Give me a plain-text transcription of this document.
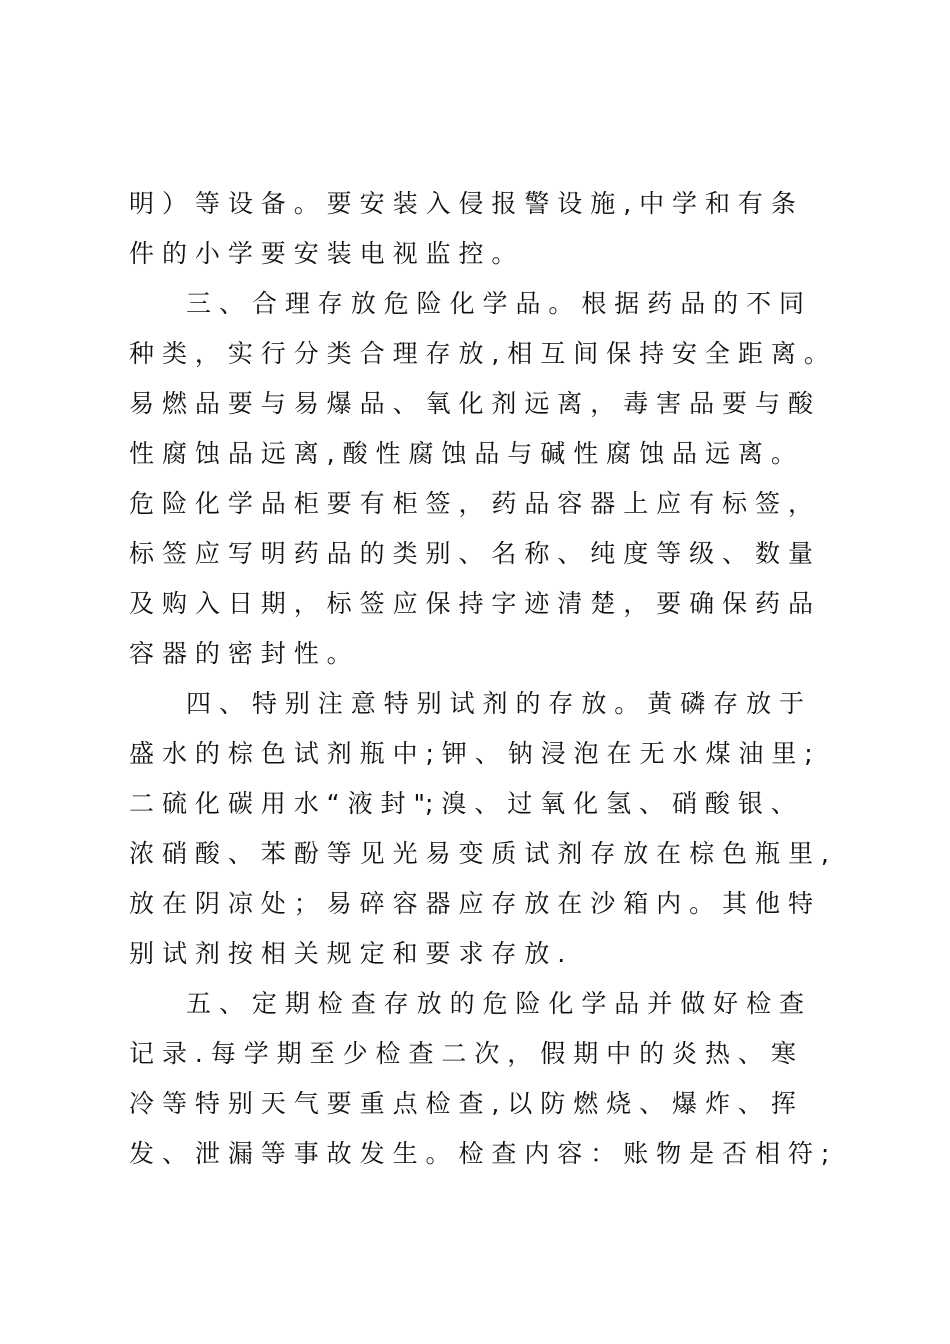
明 ） 等 设 备 。 要 安 装 入 侵 报 警 设 施 , 中 学 和 有 条
件 的 小 学 要 安 装 电 视 监 控 。
三 、 合 理 存 放 危 险 化 学 品 。 根 据 药 品 的 不 同
种 类 ， 实 行 分 类 合 理 存 放 , 相 互 间 保 持 安 全 距 离 。
易 燃 品 要 与 易 爆 品 、 氧 化 剂 远 离 ， 毒 害 品 要 与 酸
性 腐 蚀 品 远 离 , 酸 性 腐 蚀 品 与 碱 性 腐 蚀 品 远 离 。
危 险 化 学 品 柜 要 有 柜 签 ， 药 品 容 器 上 应 有 标 签 ，
标 签 应 写 明 药 品 的 类 别 、 名 称 、 纯 度 等 级 、 数 量
及 购 入 日 期 ， 标 签 应 保 持 字 迹 清 楚 ， 要 确 保 药 品
容 器 的 密 封 性 。
四 、 特 别 注 意 特 别 试 剂 的 存 放 。 黄 磷 存 放 于
盛 水 的 棕 色 试 剂 瓶 中 ; 钾 、 钠 浸 泡 在 无 水 煤 油 里 ;
二 硫 化 碳 用 水 “ 液 封 "; 溴 、 过 氧 化 氢 、 硝 酸 银 、
浓 硝 酸 、 苯 酚 等 见 光 易 变 质 试 剂 存 放 在 棕 色 瓶 里 ,
放 在 阴 凉 处 ； 易 碎 容 器 应 存 放 在 沙 箱 内 。 其 他 特
别 试 剂 按 相 关 规 定 和 要 求 存 放 .
五 、 定 期 检 查 存 放 的 危 险 化 学 品 并 做 好 检 查
记 录 . 每 学 期 至 少 检 查 二 次 ， 假 期 中 的 炎 热 、 寒
冷 等 特 别 天 气 要 重 点 检 查 , 以 防 燃 烧 、 爆 炸 、 挥
发 、 泄 漏 等 事 故 发 生 。 检 查 内 容 ： 账 物 是 否 相 符 ;
